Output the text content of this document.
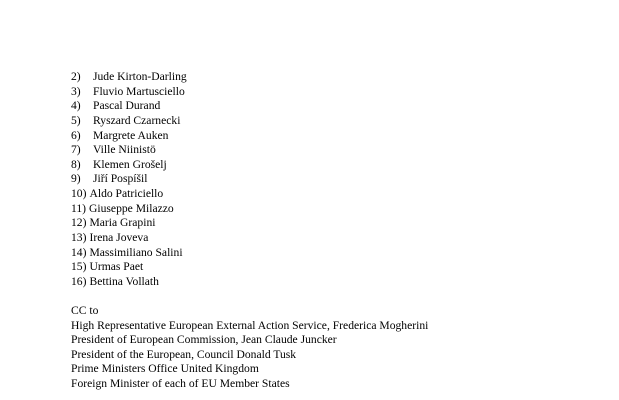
2) Jude Kirton-Darling
3) Fluvio Martusciello
4) Pascal Durand
5) Ryszard Czarnecki
6) Margrete Auken
7) Ville Niinistö
8) Klemen Grošelj
9) Jiří Pospíšil
10) Aldo Patriciello
11) Giuseppe Milazzo
12) Maria Grapini
13) Irena Joveva
14) Massimiliano Salini
15) Urmas Paet
16) Bettina Vollath
CC to
High Representative European External Action Service, Frederica Mogherini
President of European Commission, Jean Claude Juncker
President of the European, Council Donald Tusk
Prime Ministers Office United Kingdom
Foreign Minister of each of EU Member States
